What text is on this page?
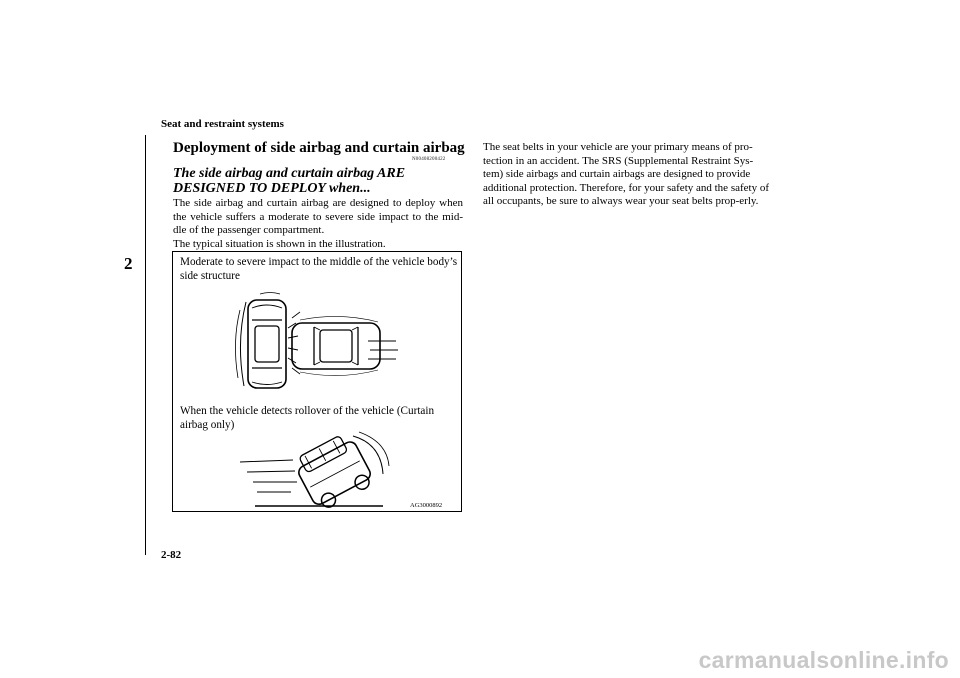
Seat and restraint systems
2
Deployment of side airbag and curtain airbag
N00408200422
The side airbag and curtain airbag ARE DESIGNED TO DEPLOY when...
The side airbag and curtain airbag are designed to deploy when the vehicle suffers a moderate to severe side impact to the mid-dle of the passenger compartment.
The typical situation is shown in the illustration.
Moderate to severe impact to the middle of the vehicle body’s side structure
When the vehicle detects rollover of the vehicle (Curtain airbag only)
AG3000892
The seat belts in your vehicle are your primary means of pro-tection in an accident. The SRS (Supplemental Restraint Sys-tem) side airbags and curtain airbags are designed to provide additional protection. Therefore, for your safety and the safety of all occupants, be sure to always wear your seat belts prop-erly.
2-82
carmanualsonline.info
